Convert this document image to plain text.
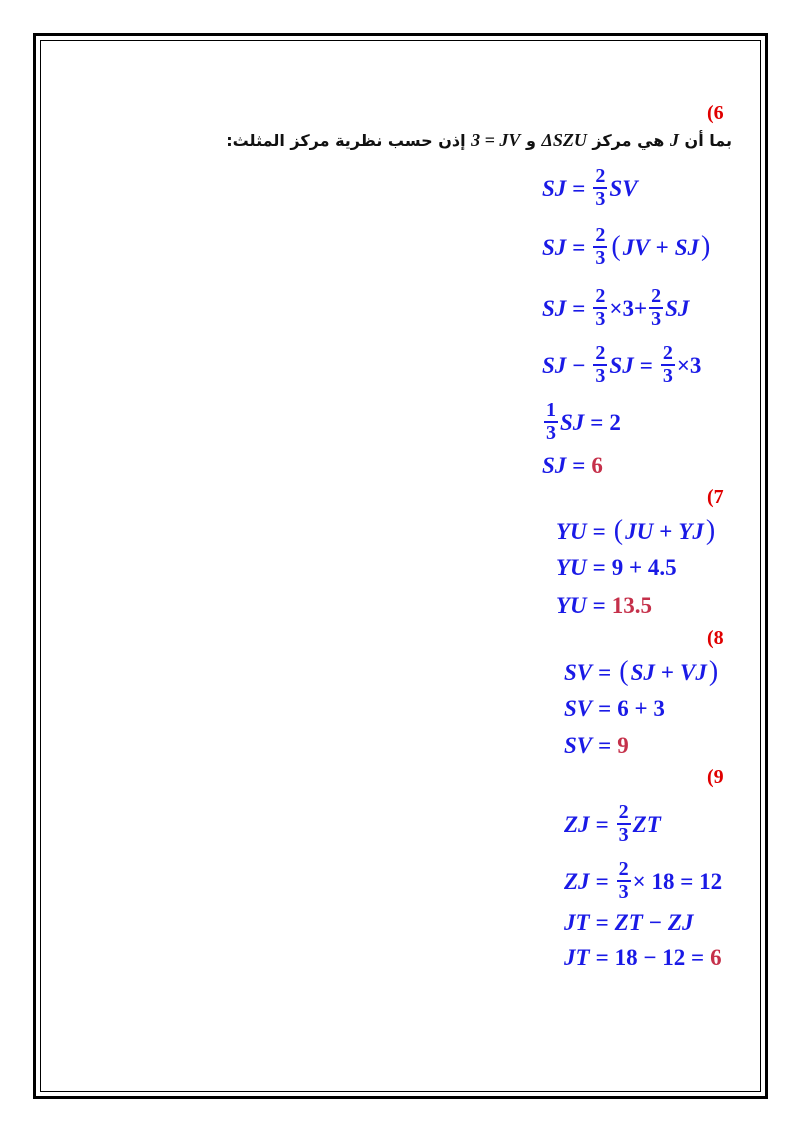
(6
بما أن J هي مركز ΔSZU و 3 = JV إذن حسب نظرية مركز المثلث:
SJ = $\frac{2}{3}$ SV
SJ = $\frac{2}{3}$ ( JV + SJ )
SJ = $\frac{2}{3} \times 3 + \frac{2}{3}$ SJ
SJ − $\frac{2}{3}$ SJ = $\frac{2}{3} \times 3$
$\frac{1}{3}$ SJ = 2
SJ = 6
(7
YU = ( JU + YJ )
YU = 9 + 4.5
YU = 13.5
(8
SV = ( SJ + VJ )
SV = 6 + 3
SV = 9
(9
ZJ = $\frac{2}{3}$ ZT
ZJ = $\frac{2}{3} \times 18 = 12$
JT = ZT − ZJ
JT = 18 − 12 = 6
